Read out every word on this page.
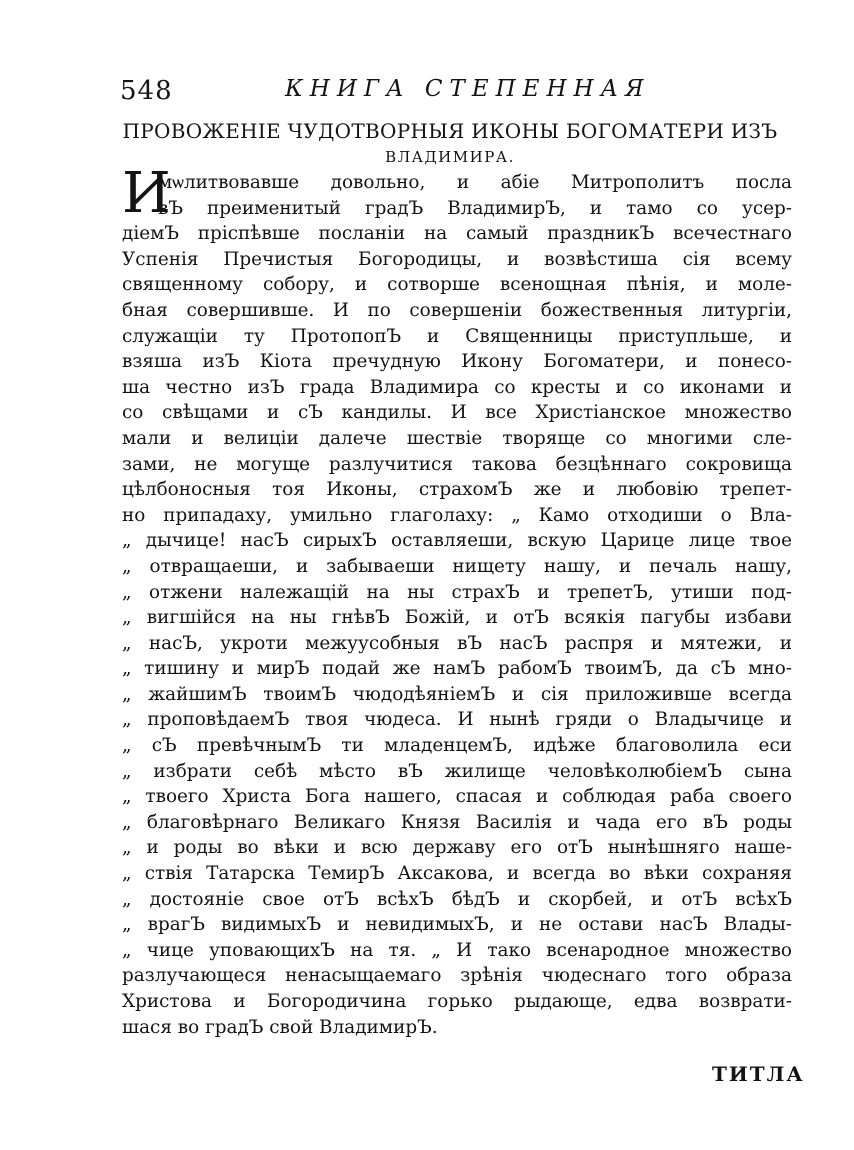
548	КНИГА СТЕПЕННАЯ
ПРОВОЖЕНІЕ ЧУДОТВОРНЫЯ ИКОНЫ БОГОМАТЕРИ ИЗЪ
ВЛАДИМИРА.
И
мѡлитвовавше довольно, и абіе Митрополитъ посла
вЪ преименитый градЪ ВладимирЪ, и тамо со усер-
діемЪ пріспѣвше посланіи на самый праздникЪ всечестнаго
Успенія Пречистыя Богородицы, и возвѣстиша сія всему
священному собору, и сотворше всенощная пѣнія, и моле-
бная совершивше. И по совершеніи божественныя литургіи,
служащіи ту ПротопопЪ и Священницы приступльше, и
взяша изЪ Кіота пречудную Икону Богоматери, и понесо-
ша честно изЪ града Владимира со кресты и со иконами и
со свѣщами и сЪ кандилы. И все Христіанское множество
мали и велиціи далече шествіе творяще со многими сле-
зами, не могуще разлучитися такова безцѣннаго сокровища
цѣлбоносныя тоя Иконы, страхомЪ же и любовію трепет-
но припадаху, умильно глаголаху: „ Камо отходиши о Вла-
„ дычице! насЪ сирыхЪ оставляеши, вскую Царице лице твое
„ отвращаеши, и забываеши нищету нашу, и печаль нашу,
„ отжени належащій на ны страхЪ и трепетЪ, утиши под-
„ вигшійся на ны гнѣвЪ Божій, и отЪ всякія пагубы избави
„ насЪ, укроти межуусобныя вЪ насЪ распря и мятежи, и
„ тишину и мирЪ подай же намЪ рабомЪ твоимЪ, да сЪ мно-
„ жайшимЪ твоимЪ чюдодѣяніемЪ и сія приложивше всегда
„ проповѣдаемЪ твоя чюдеса. И нынѣ гряди о Владычице и
„ сЪ превѣчнымЪ ти младенцемЪ, идѣже благоволила еси
„ избрати себѣ мѣсто вЪ жилище человѣколюбіемЪ сына
„ твоего Христа Бога нашего, спасая и соблюдая раба своего
„ благовѣрнаго Великаго Князя Василія и чада его вЪ роды
„ и роды во вѣки и всю державу его отЪ нынѣшняго наше-
„ ствія Татарска ТемирЪ Аксакова, и всегда во вѣки сохраняя
„ достояніе свое отЪ всѣхЪ бѣдЪ и скорбей, и отЪ всѣхЪ
„ врагЪ видимыхЪ и невидимыхЪ, и не остави насЪ Влады-
„ чице уповающихЪ на тя. „ И тако всенародное множество
разлучающеся ненасыщаемаго зрѣнія чюдеснаго того образа
Христова и Богородичина горько рыдающе, едва возврати-
шася во градЪ свой ВладимирЪ.
ТИТЛА
